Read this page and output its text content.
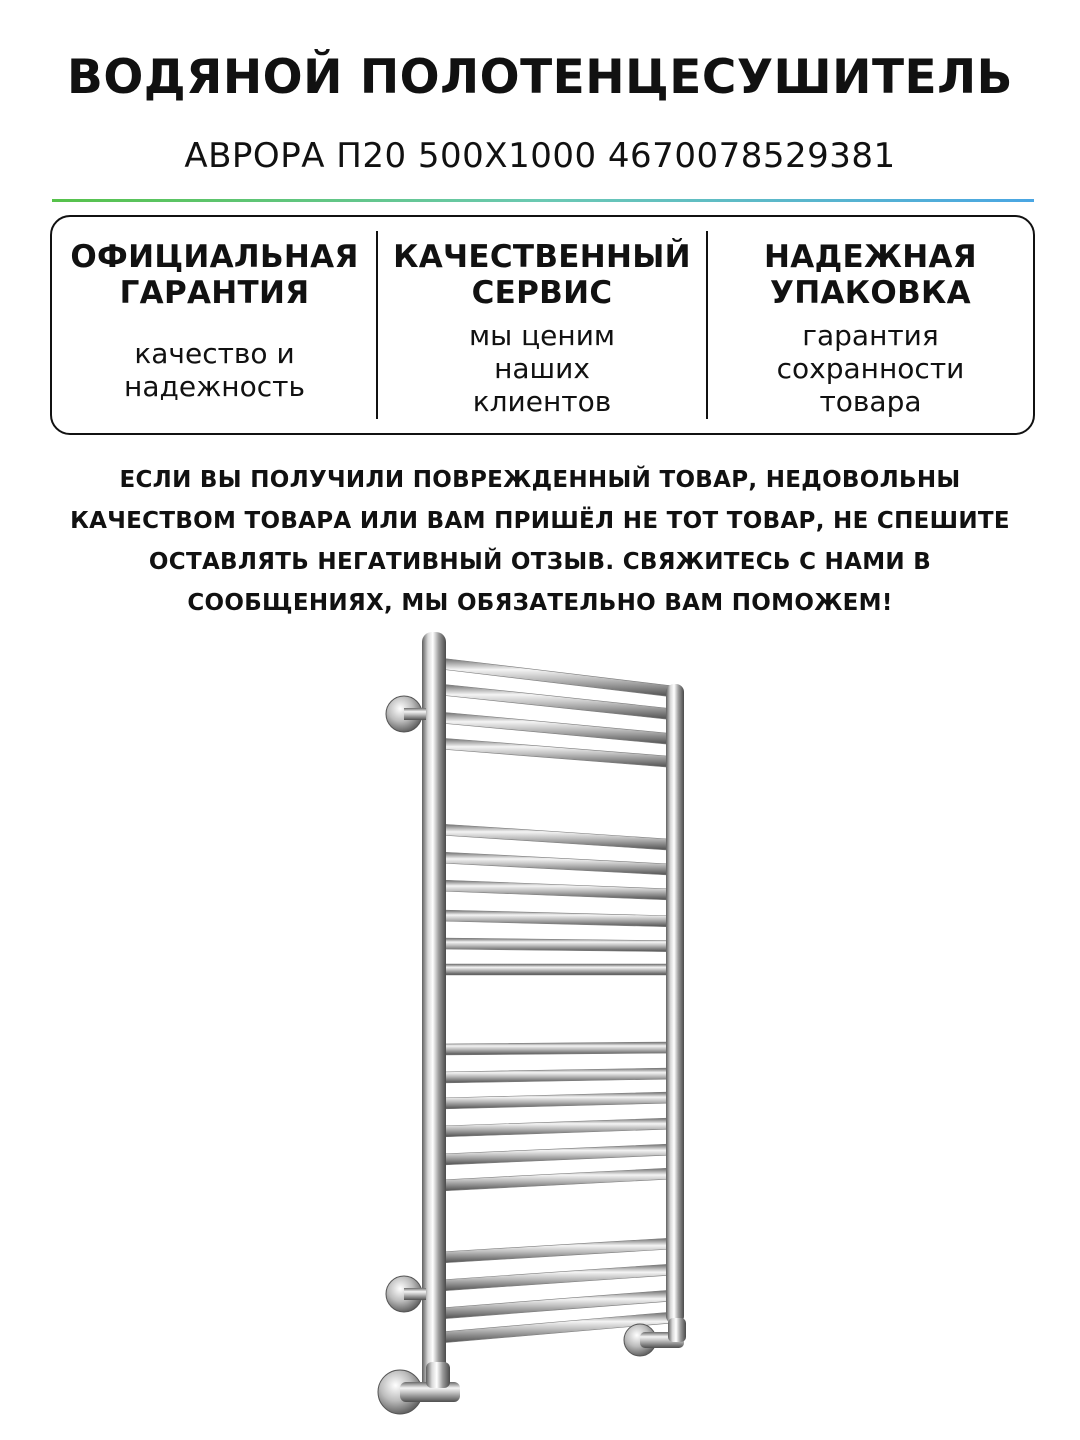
ВОДЯНОЙ ПОЛОТЕНЦЕСУШИТЕЛЬ
АВРОРА П20 500Х1000 4670078529381
ОФИЦИАЛЬНАЯ
ГАРАНТИЯ
качество и
надежность
КАЧЕСТВЕННЫЙ
СЕРВИС
мы ценим
наших
клиентов
НАДЕЖНАЯ
УПАКОВКА
гарантия
сохранности
товара
ЕСЛИ ВЫ ПОЛУЧИЛИ ПОВРЕЖДЕННЫЙ ТОВАР, НЕДОВОЛЬНЫ
КАЧЕСТВОМ ТОВАРА ИЛИ ВАМ ПРИШЁЛ НЕ ТОТ ТОВАР, НЕ СПЕШИТЕ
ОСТАВЛЯТЬ НЕГАТИВНЫЙ ОТЗЫВ. СВЯЖИТЕСЬ С НАМИ В
СООБЩЕНИЯХ, МЫ ОБЯЗАТЕЛЬНО ВАМ ПОМОЖЕМ!
